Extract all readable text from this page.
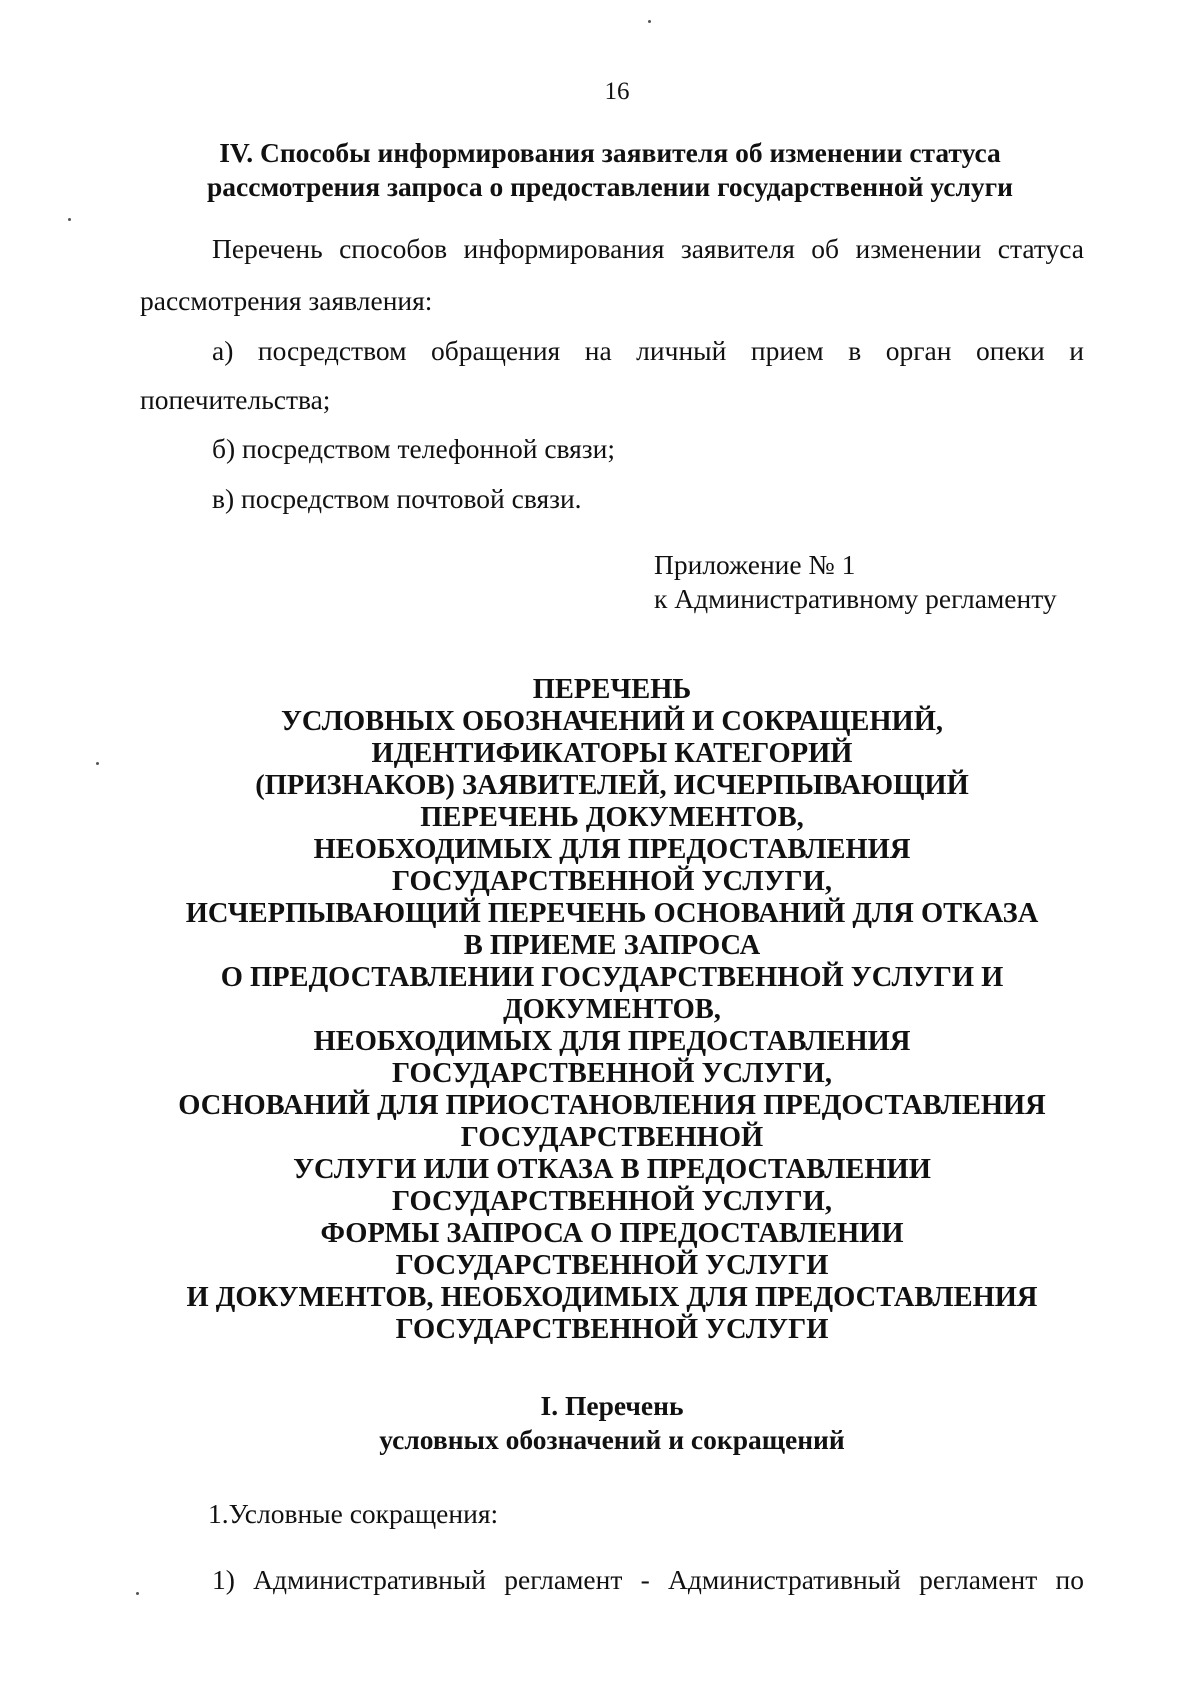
16
IV. Способы информирования заявителя об изменении статуса
рассмотрения запроса о предоставлении государственной услуги
Перечень способов информирования заявителя об изменении статуса
рассмотрения заявления:
а) посредством обращения на личный прием в орган опеки и
попечительства;
б) посредством телефонной связи;
в) посредством почтовой связи.
Приложение № 1
к Административному регламенту
ПЕРЕЧЕНЬ
УСЛОВНЫХ ОБОЗНАЧЕНИЙ И СОКРАЩЕНИЙ,
ИДЕНТИФИКАТОРЫ КАТЕГОРИЙ
(ПРИЗНАКОВ) ЗАЯВИТЕЛЕЙ, ИСЧЕРПЫВАЮЩИЙ
ПЕРЕЧЕНЬ ДОКУМЕНТОВ,
НЕОБХОДИМЫХ ДЛЯ ПРЕДОСТАВЛЕНИЯ
ГОСУДАРСТВЕННОЙ УСЛУГИ,
ИСЧЕРПЫВАЮЩИЙ ПЕРЕЧЕНЬ ОСНОВАНИЙ ДЛЯ ОТКАЗА
В ПРИЕМЕ ЗАПРОСА
О ПРЕДОСТАВЛЕНИИ ГОСУДАРСТВЕННОЙ УСЛУГИ И
ДОКУМЕНТОВ,
НЕОБХОДИМЫХ ДЛЯ ПРЕДОСТАВЛЕНИЯ
ГОСУДАРСТВЕННОЙ УСЛУГИ,
ОСНОВАНИЙ ДЛЯ ПРИОСТАНОВЛЕНИЯ ПРЕДОСТАВЛЕНИЯ
ГОСУДАРСТВЕННОЙ
УСЛУГИ ИЛИ ОТКАЗА В ПРЕДОСТАВЛЕНИИ
ГОСУДАРСТВЕННОЙ УСЛУГИ,
ФОРМЫ ЗАПРОСА О ПРЕДОСТАВЛЕНИИ
ГОСУДАРСТВЕННОЙ УСЛУГИ
И ДОКУМЕНТОВ, НЕОБХОДИМЫХ ДЛЯ ПРЕДОСТАВЛЕНИЯ
ГОСУДАРСТВЕННОЙ УСЛУГИ
I. Перечень
условных обозначений и сокращений
1.Условные сокращения:
1) Административный регламент - Административный регламент по
